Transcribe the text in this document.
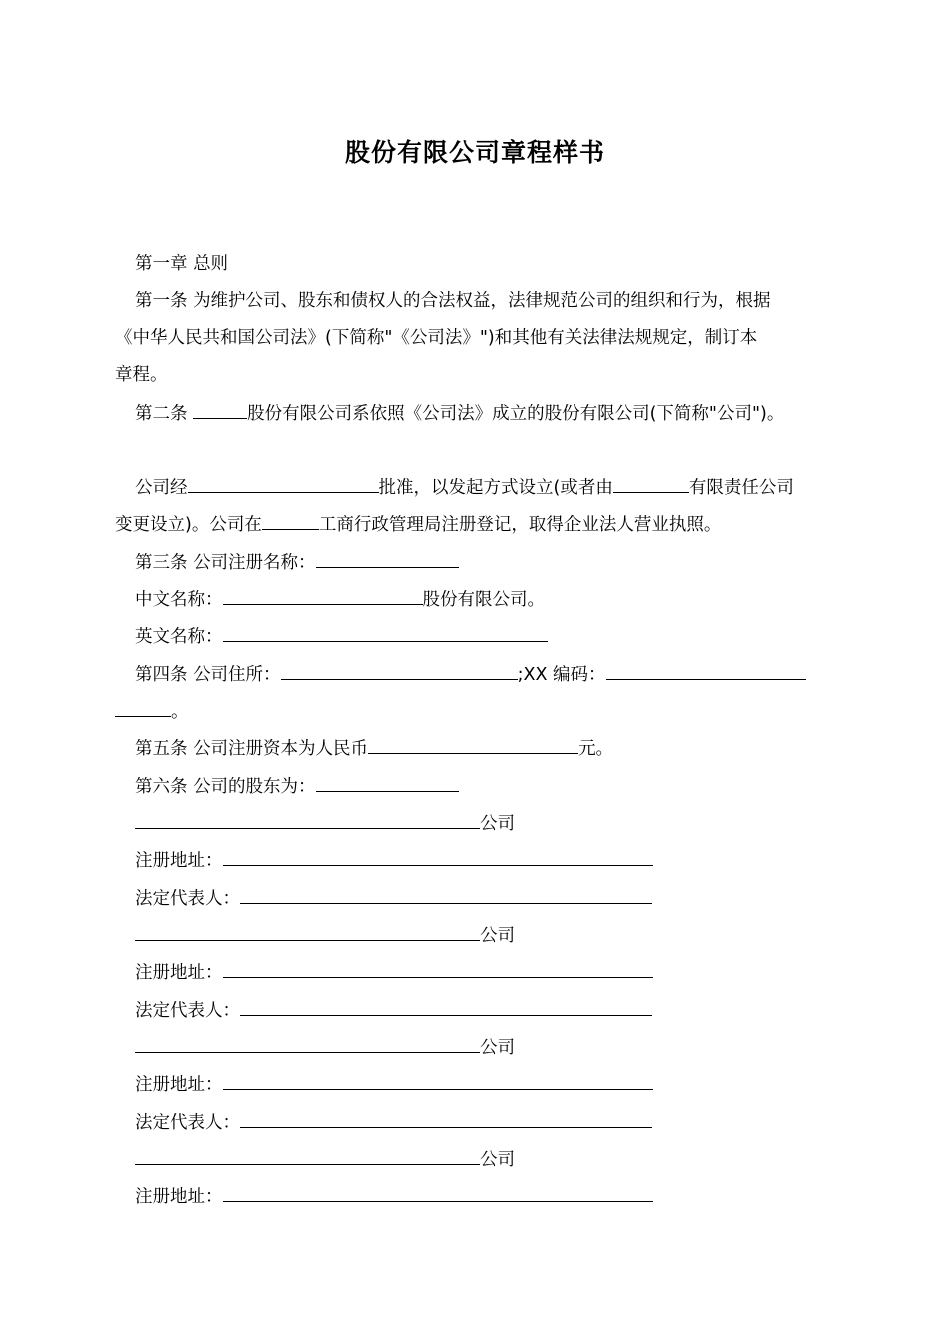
股份有限公司章程样书
第一章 总则
第一条 为维护公司、股东和债权人的合法权益，法律规范公司的组织和行为，根据
《中华人民共和国公司法》(下简称"《公司法》")和其他有关法律法规规定，制订本
章程。
第二条	股份有限公司系依照《公司法》成立的股份有限公司(下简称"公司")。
公司经	批准，以发起方式设立(或者由	有限责任公司
变更设立)。公司在	工商行政管理局注册登记，取得企业法人营业执照。
第三条 公司注册名称：
中文名称：	股份有限公司。
英文名称：
第四条 公司住所：	;XX 编码：
。
第五条 公司注册资本为人民币	元。
第六条 公司的股东为：
公司
注册地址：
法定代表人：
公司
注册地址：
法定代表人：
公司
注册地址：
法定代表人：
公司
注册地址：
